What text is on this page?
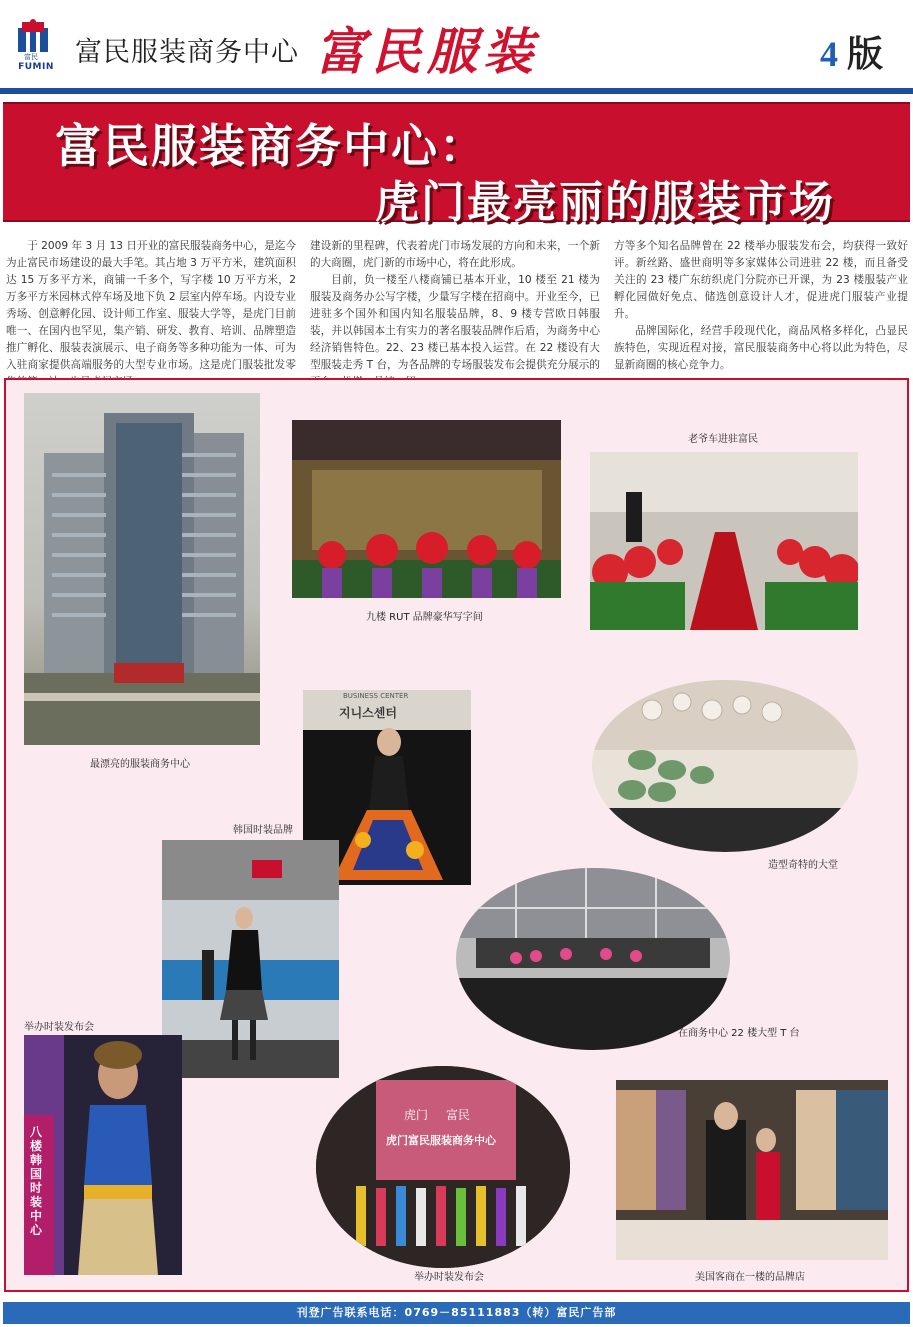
富民
FUMIN 富民服装商务中心 富民服装	4 版
富民服装商务中心：
虎门最亮丽的服装市场

于 2009 年 3 月 13 日开业的富民服装商务中心，是迄今为止富民市场建设的最大手笔。其占地 3 万平方米，建筑面积达 15 万多平方米，商铺一千多个，写字楼 10 万平方米，2 万多平方米园林式停车场及地下负 2 层室内停车场。内设专业秀场、创意孵化园、设计师工作室、服装大学等，是虎门目前唯一、在国内也罕见，集产销、研发、教育、培训、品牌塑造推广孵化、服装表演展示、电子商务等多种功能为一体、可为入驻商家提供高端服务的大型专业市场。这是虎门服装批发零

建设新的里程碑，代表着虎门市场发展的方向和未来，一个新的大商圈，虎门新的市场中心，将在此形成。

目前，负一楼至八楼商铺已基本开业，10 楼至 21 楼为服装及商务办公写字楼，少量写字楼在招商中。开业至今，已进驻多个国外和国内知名服装品牌，8、9 楼专营欧日韩服装，并以韩国本土有实力的著名服装品牌作后盾，为商务中心经济销售特色。22、23 楼已基本投入运营。在 22 楼设有大型服装走秀 T 台，为各品牌的专场服装发布会提供充分展示的

方等多个知名品牌曾在 22 楼举办服装发布会，均获得一致好评。新丝路、盛世商明等多家媒体公司进驻 22 楼，而且备受关注的 23 楼广东纺织虎门分院亦已开课，为 23 楼服装产业孵化园做好免点、储选创意设计人才，促进虎门服装产业提升。

品牌国际化，经营手段现代化，商品风格多样化，凸显民族特色，实现近程对接，富民服装商务中心将以此为特色，尽显新商圈的核心竞争力。

最漂亮的服装商务中心
九楼 RUT 品牌豪华写字间
老爷车进驻富民
지니스센터
BUSINESS CENTER
韩国时装品牌
造型奇特的大堂
在商务中心 22 楼大型 T 台
举办时装发布会
八楼韩国时装中心
虎门 富民
虎门富民服装商务中心
举办时装发布会	美国客商在一楼的品牌店
刊登广告联系电话：0769－85111883（转）富民广告部
